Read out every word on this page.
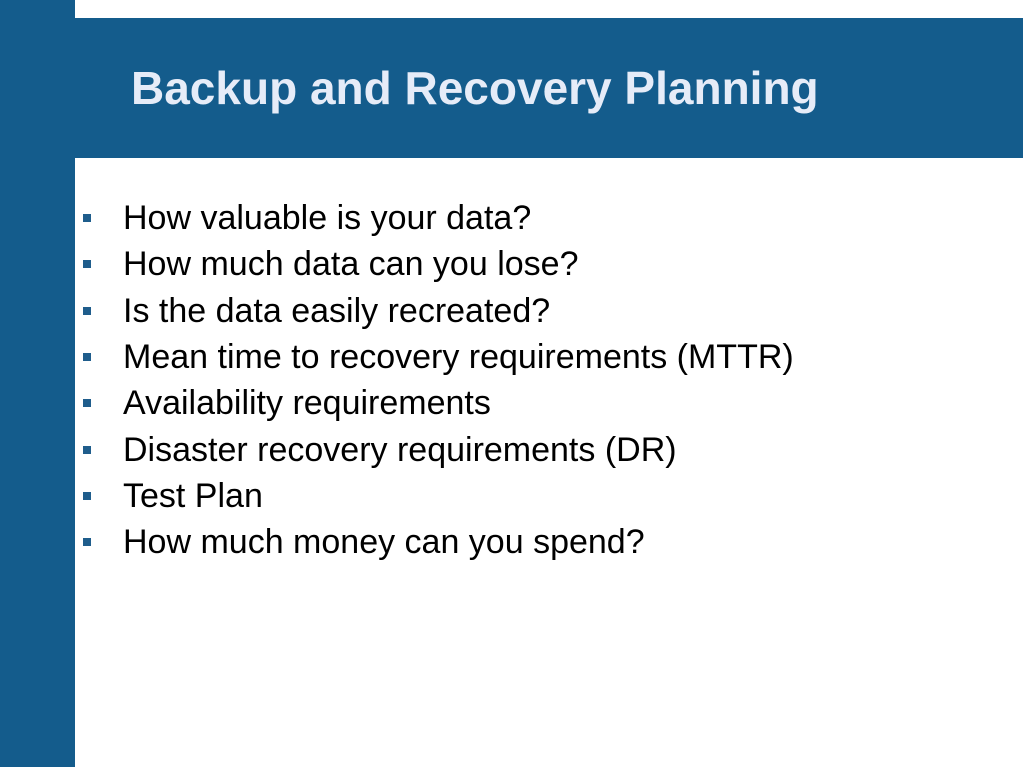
Backup and Recovery Planning
How valuable is your data?
How much data can you lose?
Is the data easily recreated?
Mean time to recovery requirements (MTTR)
Availability requirements
Disaster recovery requirements (DR)
Test Plan
How much money can you spend?
